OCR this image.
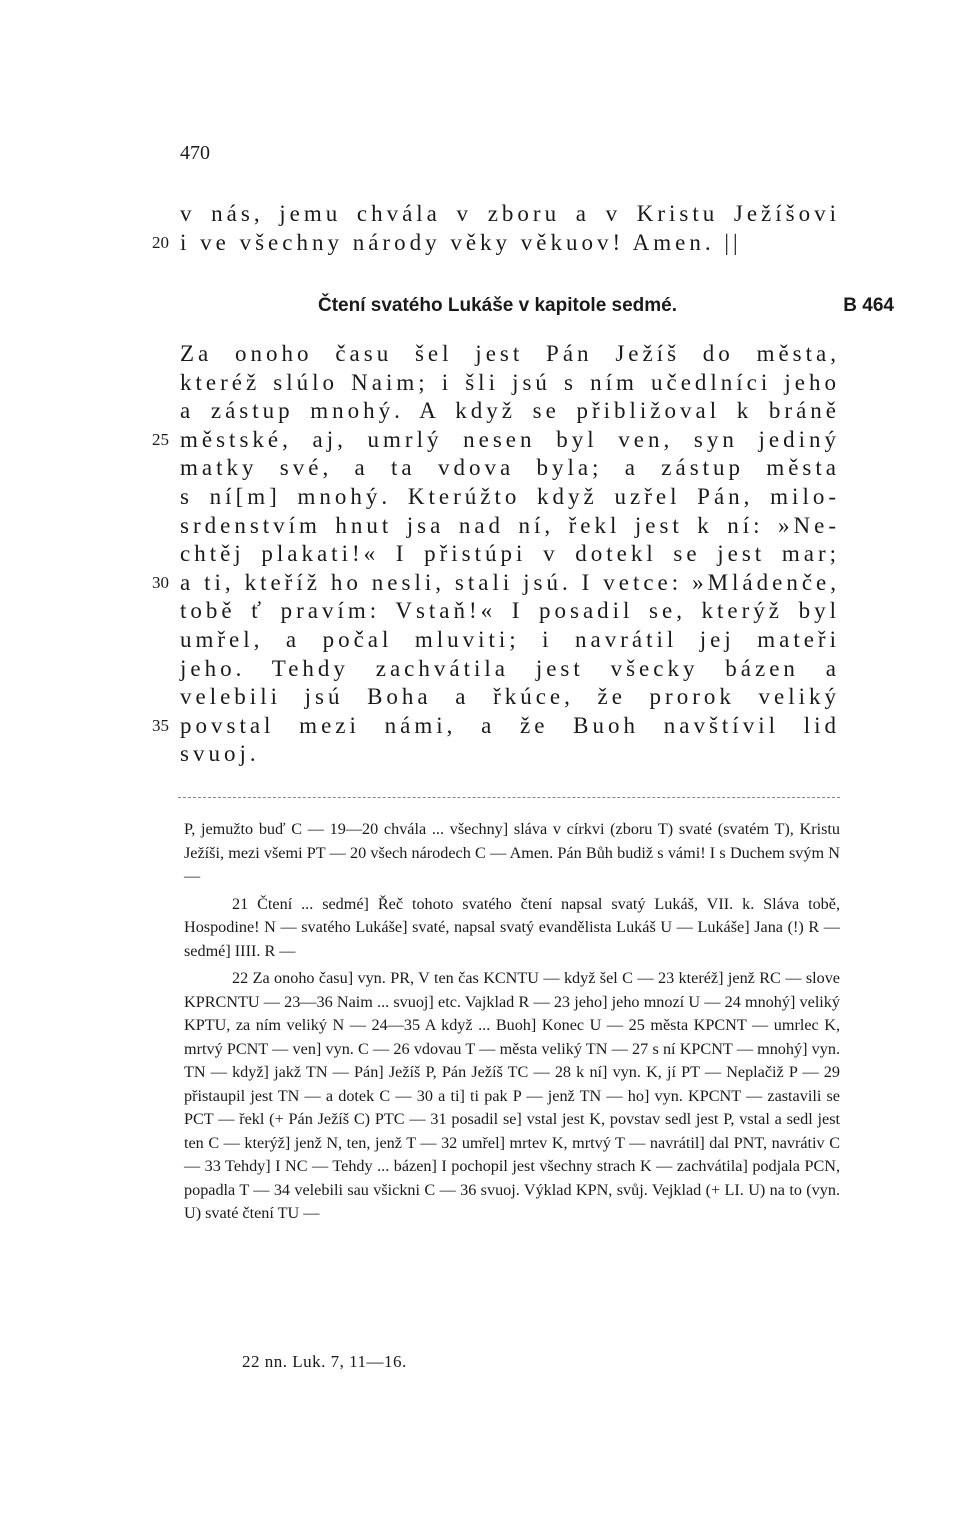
470
v nás, jemu chvála v zboru a v Kristu Ježíšovi
20 i ve všechny národy věky věkuov! Amen. ||
Čtení svatého Lukáše v kapitole sedmé.	B 464
Za onoho času šel jest Pán Ježíš do města,
kteréž slúlo Naim; i šli jsú s ním učedlníci jeho
a zástup mnohý. A když se přibližoval k bráně
25 městské, aj, umrlý nesen byl ven, syn jediný
matky své, a ta vdova byla; a zástup města
s ní[m] mnohý. Kterúžto když uzřel Pán, milo-
srdenstvím hnut jsa nad ní, řekl jest k ní: »Ne-
chtěj plakati!« I přistúpi v dotekl se jest mar;
30 a ti, kteříž ho nesli, stali jsú. I vetce: »Mládenče,
tobě ť pravím: Vstaň!« I posadil se, kterýž byl
umřel, a počal mluviti; i navrátil jej mateři
jeho. Tehdy zachvátila jest všecky bázen a
velebili jsú Boha a řkúce, že prorok veliký
35 povstal mezi námi, a že Buoh navštívil lid
svuoj.

P, jemužto buď C — 19—20 chvála ... všechny] sláva v církvi (zboru T) svaté (svatém T), Kristu Ježíši, mezi všemi PT — 20 všech národech C — Amen. Pán Bůh budiž s vámi! I s Duchem svým N —

21 Čtení ... sedmé] Řeč tohoto svatého čtení napsal svatý Lukáš, VII. k. Sláva tobě, Hospodine! N — svatého Lukáše] svaté, napsal svatý evandělista Lukáš U — Lukáše] Jana (!) R — sedmé] IIII. R —

22 Za onoho času] vyn. PR, V ten čas KCNTU — když šel C — 23 kteréž] jenž RC — slove KPRCNTU — 23—36 Naim ... svuoj] etc. Vajklad R — 23 jeho] jeho mnozí U — 24 mnohý] veliký KPTU, za ním veliký N — 24—35 A když ... Buoh] Konec U — 25 města KPCNT — umrlec K, mrtvý PCNT — ven] vyn. C — 26 vdovau T — města veliký TN — 27 s ní KPCNT — mnohý] vyn. TN — když] jakž TN — Pán] Ježíš P, Pán Ježíš TC — 28 k ní] vyn. K, jí PT — Neplačiž P — 29 přistaupil jest TN — a dotek C — 30 a ti] ti pak P — jenž TN — ho] vyn. KPCNT — zastavili se PCT — řekl (+ Pán Ježíš C) PTC — 31 posadil se] vstal jest K, povstav sedl jest P, vstal a sedl jest ten C — kterýž] jenž N, ten, jenž T — 32 umřel] mrtev K, mrtvý T — navrátil] dal PNT, navrátiv C — 33 Tehdy] I NC — Tehdy ... bázen] I pochopil jest všechny strach K — zachvátila] podjala PCN, popadla T — 34 velebili sau všickni C — 36 svuoj. Výklad KPN, svůj. Vejklad (+ LI. U) na to (vyn. U) svaté čtení TU —

22 nn. Luk. 7, 11—16.
